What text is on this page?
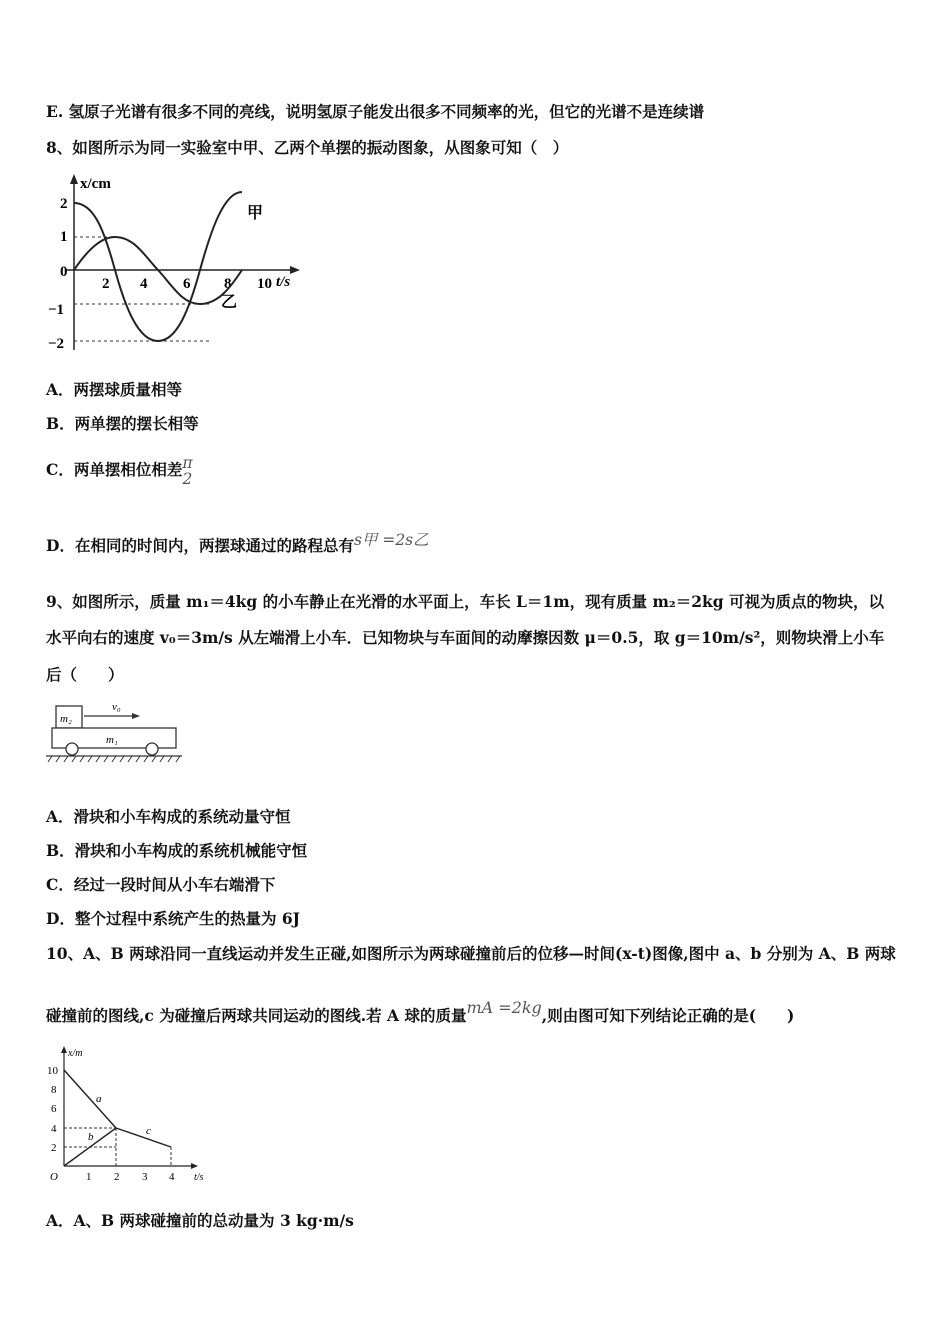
E. 氢原子光谱有很多不同的亮线，说明氢原子能发出很多不同频率的光，但它的光谱不是连续谱
8、如图所示为同一实验室中甲、乙两个单摆的振动图象，从图象可知（　）
x/cm
t/s
2
1
0
−1
−2
2 4 6 8 10
甲
乙
A．两摆球质量相等
B．两单摆的摆长相等
C．两单摆相位相差 π
2
D．在相同的时间内，两摆球通过的路程总有s甲 =2s乙
9、如图所示，质量 m₁＝4kg 的小车静止在光滑的水平面上，车长 L＝1m，现有质量 m₂＝2kg 可视为质点的物块，以
水平向右的速度 v₀＝3m/s 从左端滑上小车．已知物块与车面间的动摩擦因数 μ＝0.5，取 g＝10m/s²，则物块滑上小车
后（　　）
m₂
v₀
m₁
A．滑块和小车构成的系统动量守恒
B．滑块和小车构成的系统机械能守恒
C．经过一段时间从小车右端滑下
D．整个过程中系统产生的热量为 6J
10、A、B 两球沿同一直线运动并发生正碰,如图所示为两球碰撞前后的位移—时间(x-t)图像,图中 a、b 分别为 A、B 两球
碰撞前的图线,c 为碰撞后两球共同运动的图线.若 A 球的质量mA =2kg,则由图可知下列结论正确的是(　　)
x/m
t/s
O
10
8
6
4
2
1 2 3 4
a
b	c
A．A、B 两球碰撞前的总动量为 3 kg·m/s
